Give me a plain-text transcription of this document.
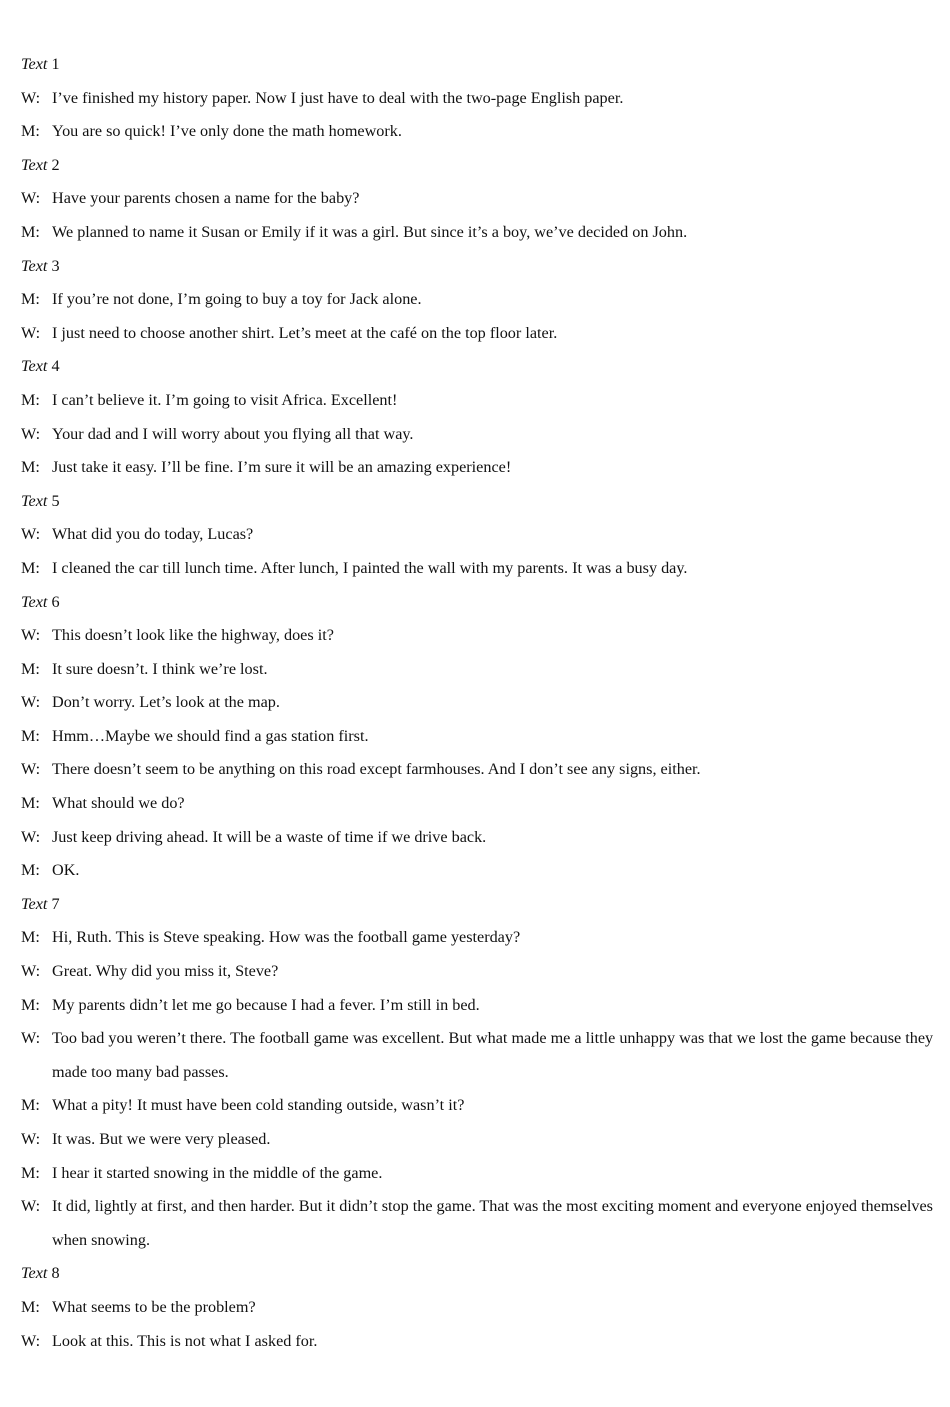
Text 1
W: I’ve finished my history paper. Now I just have to deal with the two-page English paper.
M: You are so quick! I’ve only done the math homework.
Text 2
W: Have your parents chosen a name for the baby?
M: We planned to name it Susan or Emily if it was a girl. But since it’s a boy, we’ve decided on John.
Text 3
M: If you’re not done, I’m going to buy a toy for Jack alone.
W: I just need to choose another shirt. Let’s meet at the café on the top floor later.
Text 4
M: I can’t believe it. I’m going to visit Africa. Excellent!
W: Your dad and I will worry about you flying all that way.
M: Just take it easy. I’ll be fine. I’m sure it will be an amazing experience!
Text 5
W: What did you do today, Lucas?
M: I cleaned the car till lunch time. After lunch, I painted the wall with my parents. It was a busy day.
Text 6
W: This doesn’t look like the highway, does it?
M: It sure doesn’t. I think we’re lost.
W: Don’t worry. Let’s look at the map.
M: Hmm…Maybe we should find a gas station first.
W: There doesn’t seem to be anything on this road except farmhouses. And I don’t see any signs, either.
M: What should we do?
W: Just keep driving ahead. It will be a waste of time if we drive back.
M: OK.
Text 7
M: Hi, Ruth. This is Steve speaking. How was the football game yesterday?
W: Great. Why did you miss it, Steve?
M: My parents didn’t let me go because I had a fever. I’m still in bed.
W: Too bad you weren’t there. The football game was excellent. But what made me a little unhappy was that we lost the game because they made too many bad passes.
M: What a pity! It must have been cold standing outside, wasn’t it?
W: It was. But we were very pleased.
M: I hear it started snowing in the middle of the game.
W: It did, lightly at first, and then harder. But it didn’t stop the game. That was the most exciting moment and everyone enjoyed themselves when snowing.
Text 8
M: What seems to be the problem?
W: Look at this. This is not what I asked for.
